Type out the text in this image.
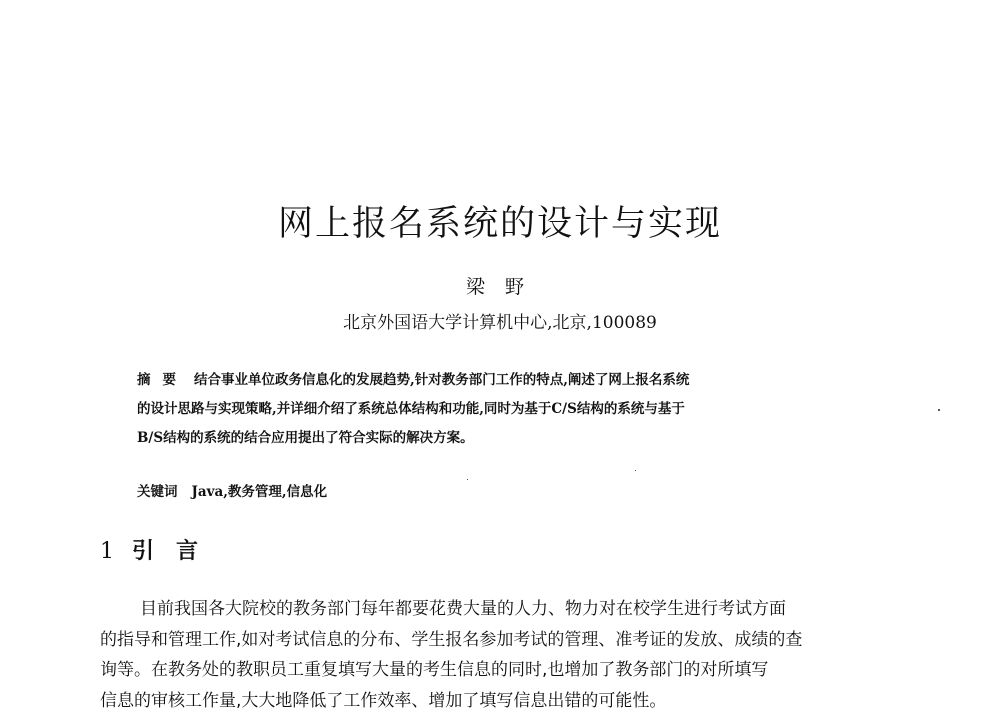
网上报名系统的设计与实现
梁野
北京外国语大学计算机中心,北京,100089
摘要 结合事业单位政务信息化的发展趋势,针对教务部门工作的特点,阐述了网上报名系统
的设计思路与实现策略,并详细介绍了系统总体结构和功能,同时为基于C/S结构的系统与基于
B/S结构的系统的结合应用提出了符合实际的解决方案。
关键词 Java,教务管理,信息化
1 引言
目前我国各大院校的教务部门每年都要花费大量的人力、物力对在校学生进行考试方面
的指导和管理工作,如对考试信息的分布、学生报名参加考试的管理、准考证的发放、成绩的查
询等。在教务处的教职员工重复填写大量的考生信息的同时,也增加了教务部门的对所填写
信息的审核工作量,大大地降低了工作效率、增加了填写信息出错的可能性。
